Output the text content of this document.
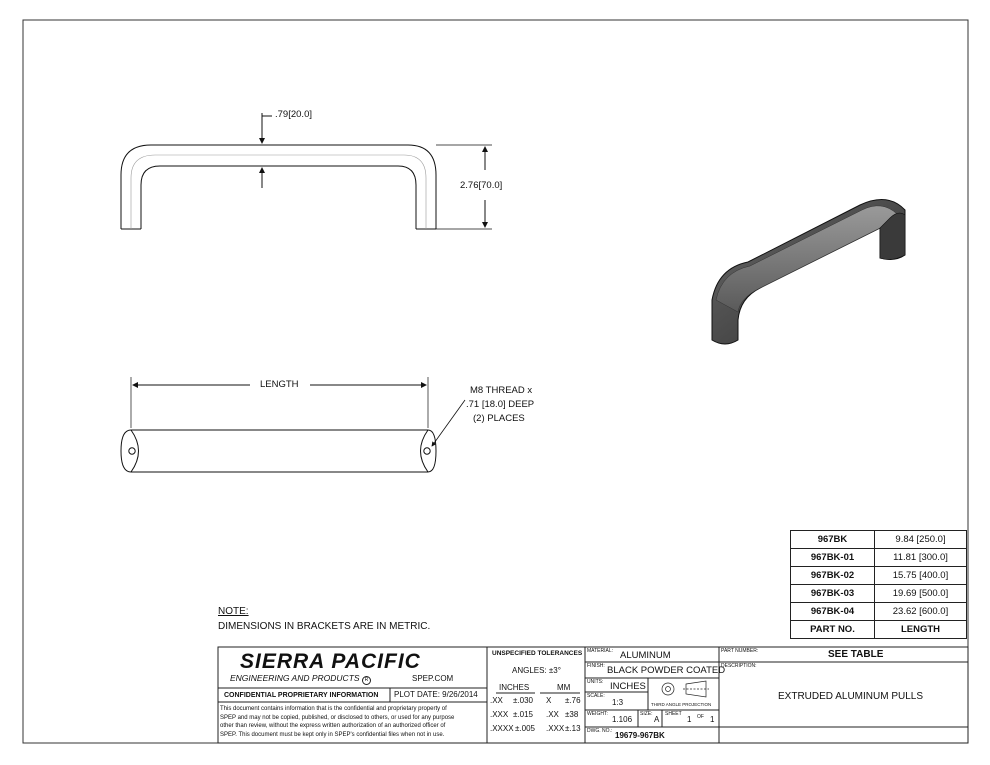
.79[20.0]
2.76[70.0]
LENGTH
M8 THREAD x
.71 [18.0] DEEP
(2) PLACES
967BK	9.84 [250.0]
967BK-01	11.81 [300.0]
967BK-02	15.75 [400.0]
967BK-03	19.69 [500.0]
967BK-04	23.62 [600.0]
PART NO.	LENGTH
NOTE:
DIMENSIONS IN BRACKETS ARE IN METRIC.
SIERRA PACIFIC
ENGINEERING AND PRODUCTS R	SPEP.COM
CONFIDENTIAL PROPRIETARY INFORMATION PLOT DATE: 9/26/2014
This document contains information that is the confidential and proprietary property of
SPEP and may not be copied, published, or disclosed to others, or used for any purpose
other than review, without the express written authorization of an authorized officer of
SPEP. This document must be kept only in SPEP's confidential files when not in use.
UNSPECIFIED TOLERANCES
ANGLES: ±3°
INCHES	MM
.XX ±.030 X ±.76
.XXX ±.015 .XX ±38
.XXXX ±.005 .XXX ±.13
MATERIAL: ALUMINUM
FINISH: BLACK POWDER COATED
UNITS: INCHES
SCALE:
1:3	THIRD ANGLE PROJECTION
WEIGHT:
1.106
SIZE:
A
SHEET
1 OF 1
DWG. NO.: 19679-967BK
PART NUMBER:	SEE TABLE
DESCRIPTION:
EXTRUDED ALUMINUM PULLS
